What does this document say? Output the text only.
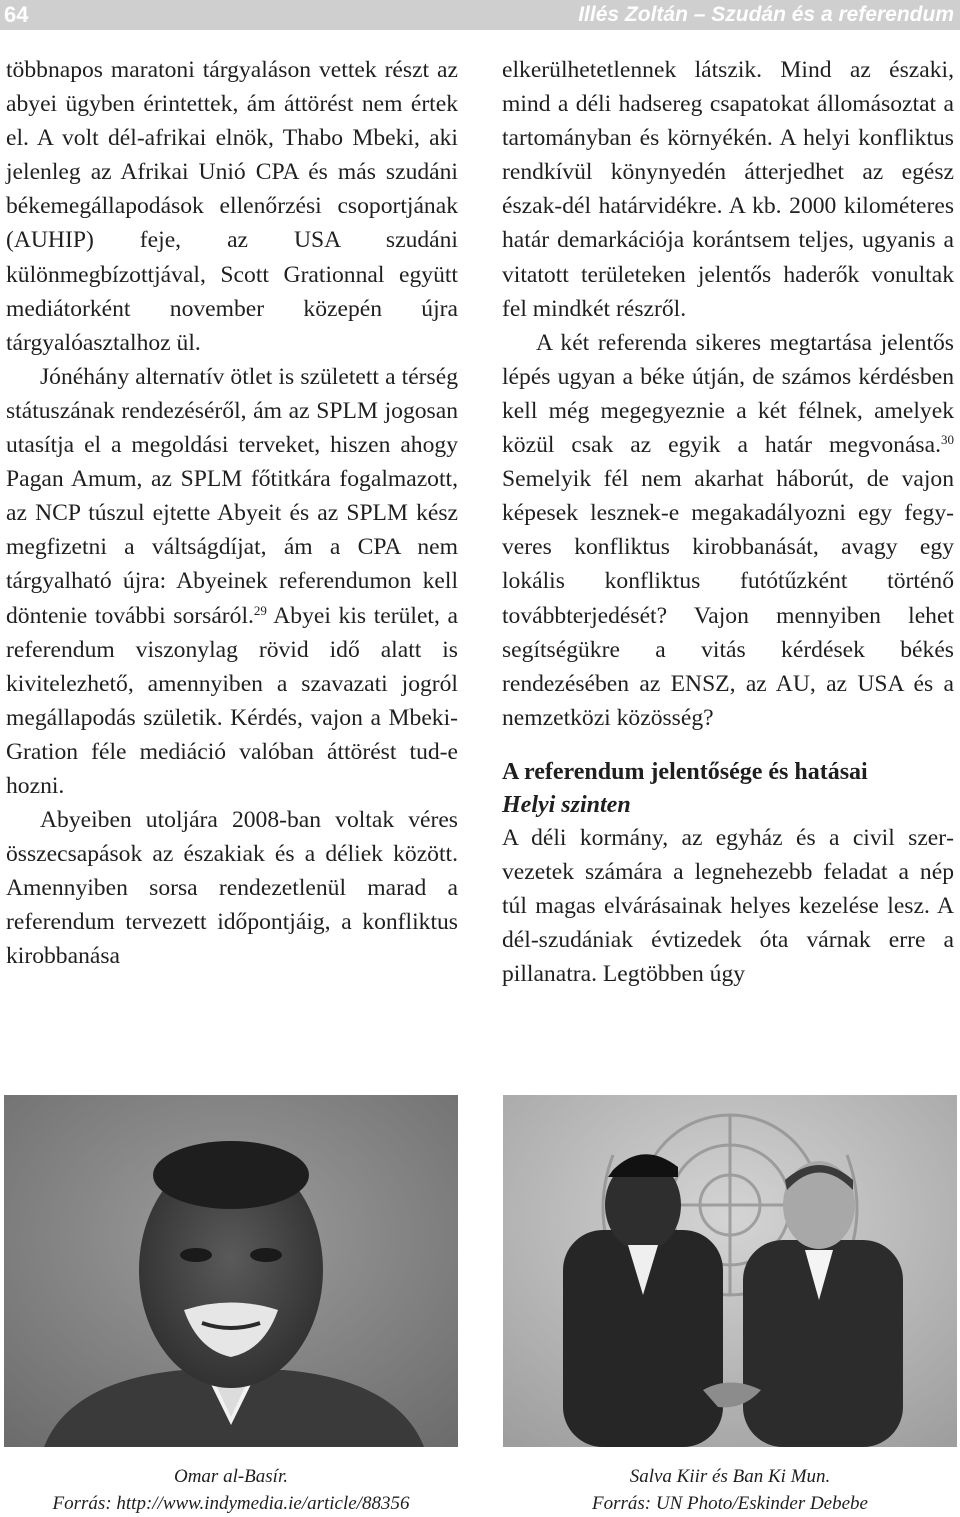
64	Illés Zoltán – Szudán és a referendum

többnapos maratoni tárgyaláson vettek részt az abyei ügyben érintettek, ám áttörést nem értek el. A volt dél-afrikai elnök, Thabo Mbeki, aki jelenleg az Afrikai Unió CPA és más szudáni békemegállapodások ellenőrzési csoportjának (AUHIP) feje, az USA szudáni különmegbízottjával, Scott Grationnal együtt mediátorként november közepén újra tárgyalóasztalhoz ül.

Jónéhány alternatív ötlet is született a térség státuszának rendezéséről, ám az SPLM jogosan utasítja el a megoldási terveket, hiszen ahogy Pagan Amum, az SPLM főtitkára fogalmazott, az NCP túszul ejtette Abyeit és az SPLM kész megfizetni a váltságdíjat, ám a CPA nem tárgyalható újra: Abyeinek referendumon kell döntenie további sorsáról.$^{29}$ Abyei kis terület, a referendum viszonylag rövid idő alatt is kivitelezhető, amennyiben a szavazati jogról megállapodás születik. Kérdés, vajon a Mbeki-Gration féle mediáció valóban áttörést tud-e hozni.

Abyeiben utoljára 2008-ban voltak véres összecsapások az északiak és a déliek között. Amennyiben sorsa rendezetlenül marad a referendum tervezett időpontjáig, a konfliktus kirobbanása

elkerülhetetlennek látszik. Mind az északi, mind a déli hadsereg csapatokat állomásoztat a tartományban és környékén. A helyi konfliktus rendkívül könynyedén átterjedhet az egész észak-dél határvidékre. A kb. 2000 kilométeres határ demarkációja korántsem teljes, ugyanis a vitatott területeken jelentős haderők vonultak fel mindkét részről.

A két referenda sikeres megtartása jelentős lépés ugyan a béke útján, de számos kérdésben kell még megegyeznie a két félnek, amelyek közül csak az egyik a határ megvonása.$^{30}$ Semelyik fél nem akarhat háborút, de vajon képesek lesznek-e megakadályozni egy fegyveres konfliktus kirobbanását, avagy egy lokális konfliktus futótűzként történő továbbterjedését? Vajon mennyiben lehet segítségükre a vitás kérdések békés rendezésében az ENSZ, az AU, az USA és a nemzetközi közösség?

A referendum jelentősége és hatásai
Helyi szinten

A déli kormány, az egyház és a civil szervezetek számára a legnehezebb feladat a nép túl magas elvárásainak helyes kezelése lesz. A dél-szudániak évtizedek óta várnak erre a pillanatra. Legtöbben úgy

Omar al-Basír.
Forrás: http://www.indymedia.ie/article/88356
Salva Kiir és Ban Ki Mun.
Forrás: UN Photo/Eskinder Debebe
